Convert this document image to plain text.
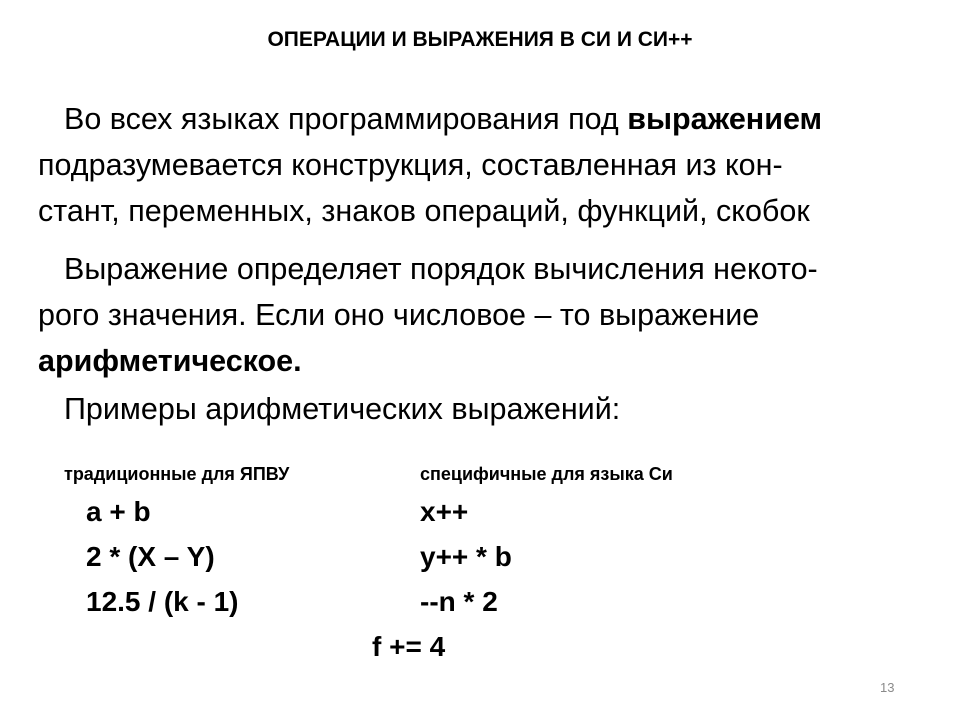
ОПЕРАЦИИ И ВЫРАЖЕНИЯ В СИ И СИ++

Во всех языках программирования под выражением
подразумевается конструкция, составленная из кон-
стант, переменных, знаков операций, функций, скобок

Выражение определяет порядок вычисления некото-
рого значения. Если оно числовое – то выражение
арифметическое.

Примеры арифметических выражений:

традиционные для ЯПВУ	специфичные для языка Си
a + b
2 * (X – Y)
12.5 / (k - 1)
x++
y++ * b
--n * 2
f += 4
13
